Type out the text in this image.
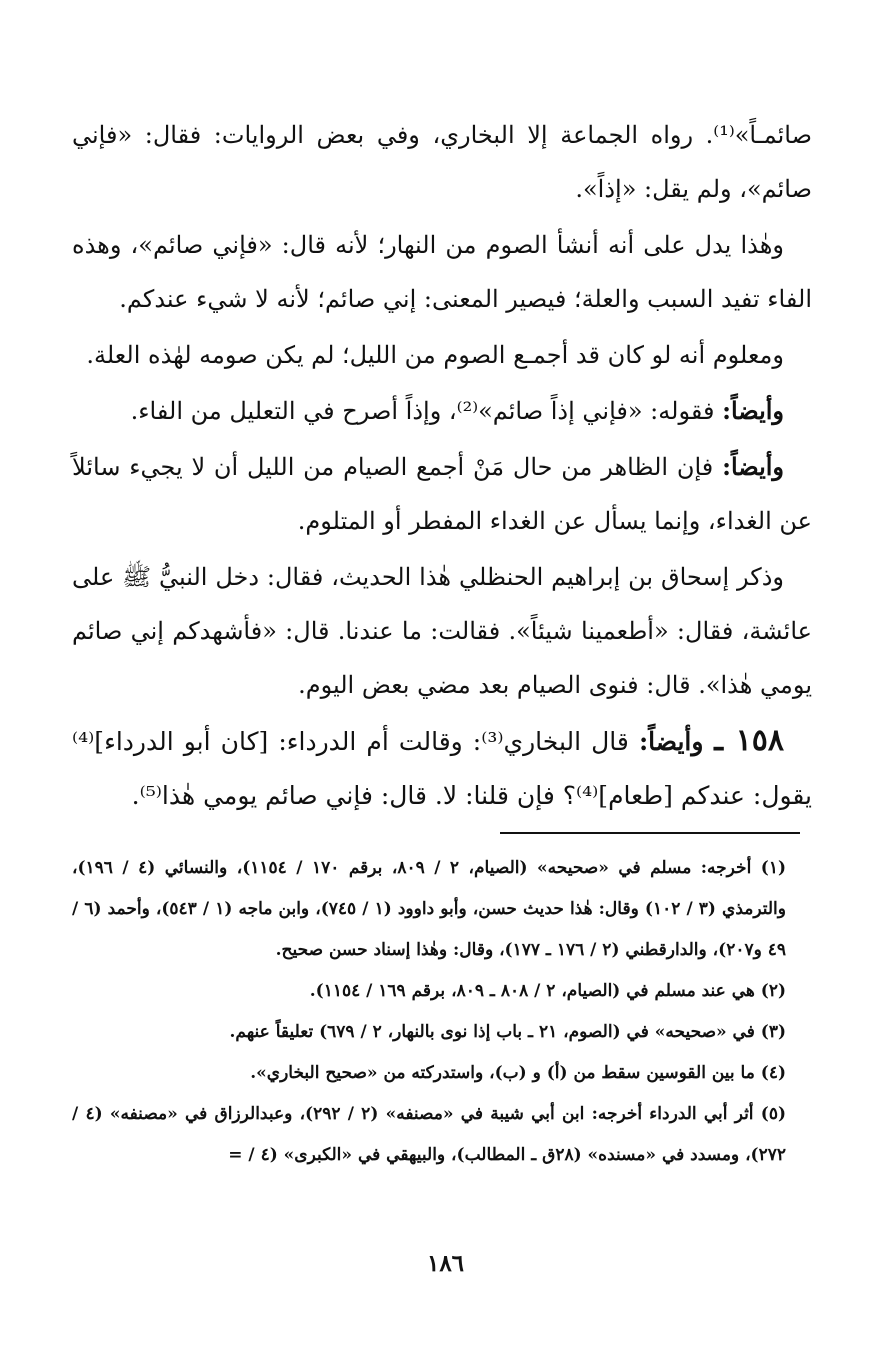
صائمـاً»⁽¹⁾. رواه الجماعة إلا البخاري، وفي بعض الروايات: فقال: «فإني صائم»، ولم يقل: «إذاً».

وهٰذا يدل على أنه أنشأ الصوم من النهار؛ لأنه قال: «فإني صائم»، وهذه الفاء تفيد السبب والعلة؛ فيصير المعنى: إني صائم؛ لأنه لا شيء عندكم.

ومعلوم أنه لو كان قد أجمـع الصوم من الليل؛ لم يكن صومه لهٰذه العلة.

وأيضاً: فقوله: «فإني إذاً صائم»⁽²⁾، وإذاً أصرح في التعليل من الفاء.

وأيضاً: فإن الظاهر من حال مَنْ أجمع الصيام من الليل أن لا يجيء سائلاً عن الغداء، وإنما يسأل عن الغداء المفطر أو المتلوم.

وذكر إسحاق بن إبراهيم الحنظلي هٰذا الحديث، فقال: دخل النبيُّ ﷺ على عائشة، فقال: «أطعمينا شيئاً». فقالت: ما عندنا. قال: «فأشهدكم إني صائم يومي هٰذا». قال: فنوى الصيام بعد مضي بعض اليوم.

١٥٨ ـ وأيضاً: قال البخاري⁽³⁾: وقالت أم الدرداء: [كان أبو الدرداء]⁽⁴⁾ يقول: عندكم [طعام]⁽⁴⁾؟ فإن قلنا: لا. قال: فإني صائم يومي هٰذا⁽⁵⁾.

(١) أخرجه: مسلم في «صحيحه» (الصيام، ٢ / ٨٠٩، برقم ١٧٠ / ١١٥٤)، والنسائي (٤ / ١٩٦)، والترمذي (٣ / ١٠٢) وقال: هٰذا حديث حسن، وأبو داوود (١ / ٧٤٥)، وابن ماجه (١ / ٥٤٣)، وأحمد (٦ / ٤٩ و٢٠٧)، والدارقطني (٢ / ١٧٦ ـ ١٧٧)، وقال: وهٰذا إسناد حسن صحيح.

(٢) هي عند مسلم في (الصيام، ٢ / ٨٠٨ ـ ٨٠٩، برقم ١٦٩ / ١١٥٤).

(٣) في «صحيحه» في (الصوم، ٢١ ـ باب إذا نوى بالنهار، ٢ / ٦٧٩) تعليقاً عنهم.

(٤) ما بين القوسين سقط من (أ) و (ب)، واستدركته من «صحيح البخاري».

(٥) أثر أبي الدرداء أخرجه: ابن أبي شيبة في «مصنفه» (٢ / ٢٩٢)، وعبدالرزاق في «مصنفه» (٤ / ٢٧٢)، ومسدد في «مسنده» (٢٨ق ـ المطالب)، والبيهقي في «الكبرى» (٤ / =

١٨٦
